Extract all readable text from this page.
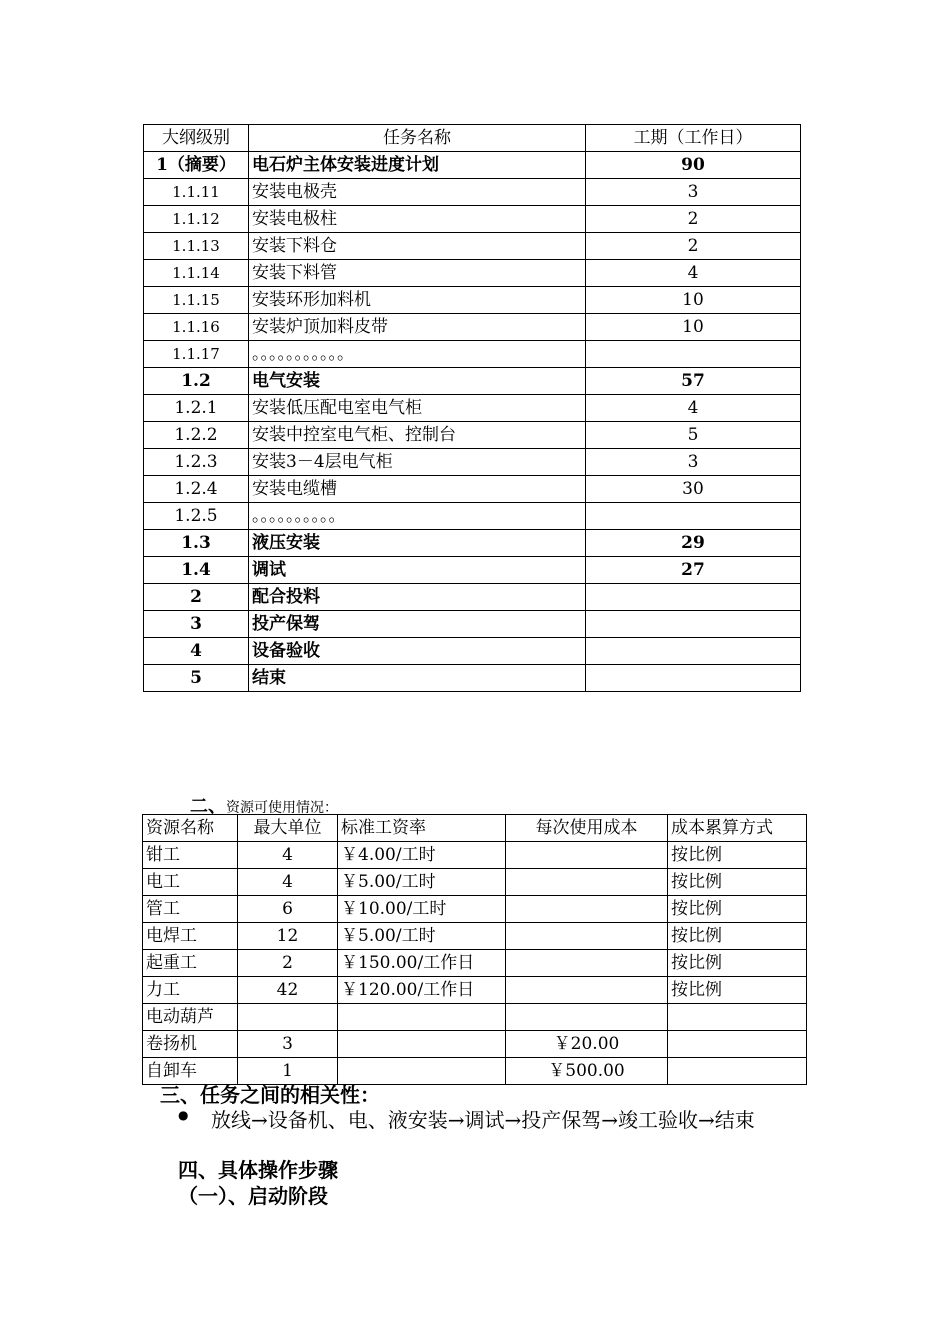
大纲级别	任务名称	工期（工作日）
1（摘要）	电石炉主体安装进度计划	90
1.1.11	安装电极壳	3
1.1.12	安装电极柱	2
1.1.13	安装下料仓	2
1.1.14	安装下料管	4
1.1.15	安装环形加料机	10
1.1.16	安装炉顶加料皮带	10
1.1.17	。。。。。。。。。。。	
1.2	电气安装	57
1.2.1	安装低压配电室电气柜	4
1.2.2	安装中控室电气柜、控制台	5
1.2.3	安装3－4层电气柜	3
1.2.4	安装电缆槽	30
1.2.5	。。。。。。。。。。	
1.3	液压安装	29
1.4	调试	27
2	配合投料	
3	投产保驾	
4	设备验收	
5	结束	
二、资源可使用情况：
资源名称	最大单位	标准工资率	每次使用成本	成本累算方式
钳工	4	￥4.00/工时		按比例
电工	4	￥5.00/工时		按比例
管工	6	￥10.00/工时		按比例
电焊工	12	￥5.00/工时		按比例
起重工	2	￥150.00/工作日		按比例
力工	42	￥120.00/工作日		按比例
电动葫芦				
卷扬机	3		￥20.00	
自卸车	1		￥500.00	
三、任务之间的相关性：
● 放线→设备机、电、液安装→调试→投产保驾→竣工验收→结束
四、具体操作步骤
（一）、启动阶段
